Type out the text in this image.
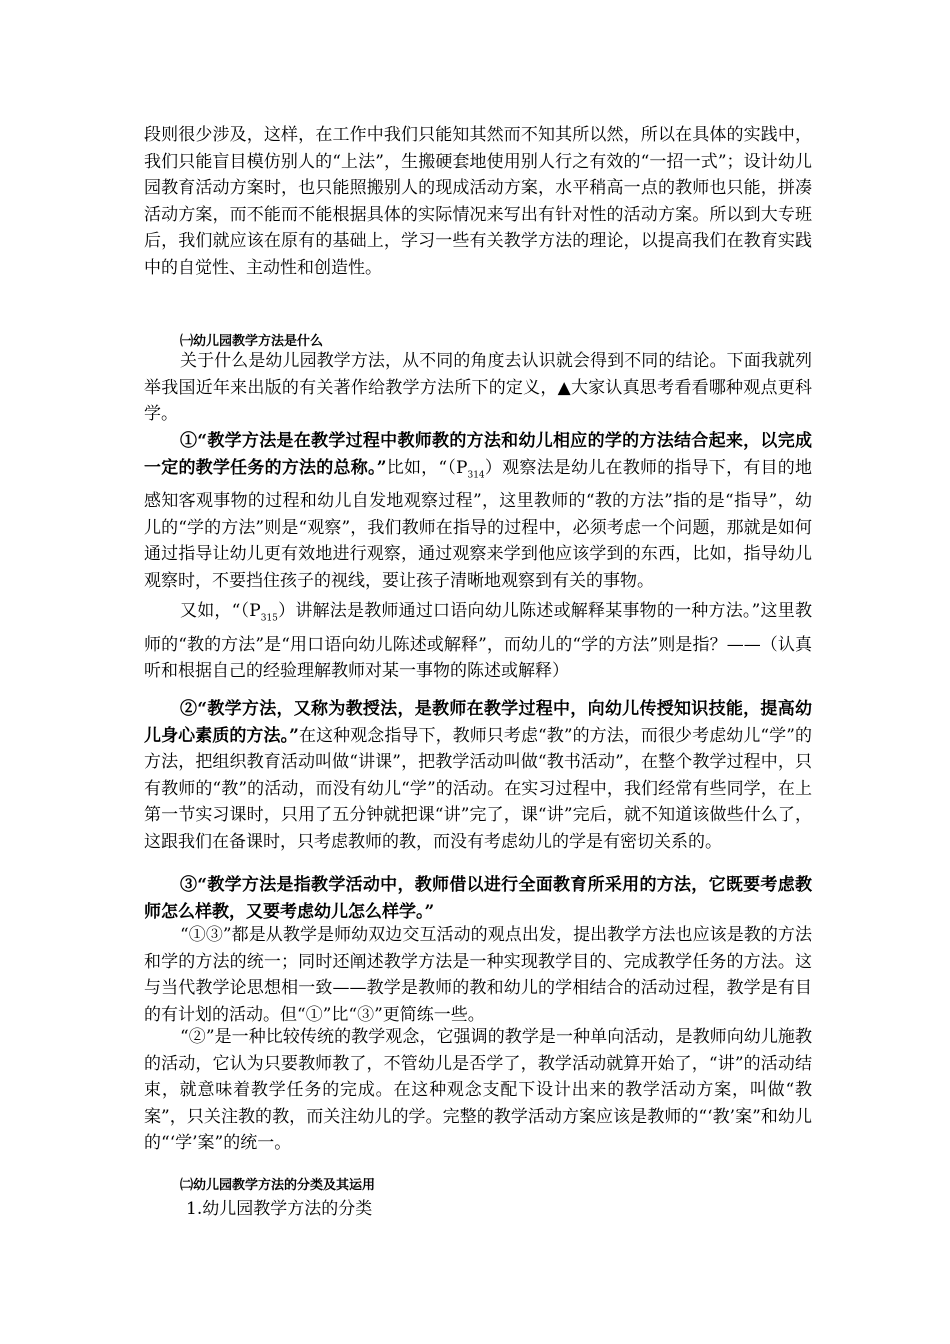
段则很少涉及，这样，在工作中我们只能知其然而不知其所以然，所以在具体的实践中，我们只能盲目模仿别人的“上法”，生搬硬套地使用别人行之有效的“一招一式”；设计幼儿园教育活动方案时，也只能照搬别人的现成活动方案，水平稍高一点的教师也只能，拼凑活动方案，而不能而不能根据具体的实际情况来写出有针对性的活动方案。所以到大专班后，我们就应该在原有的基础上，学习一些有关教学方法的理论，以提高我们在教育实践中的自觉性、主动性和创造性。

㈠幼儿园教学方法是什么

关于什么是幼儿园教学方法，从不同的角度去认识就会得到不同的结论。下面我就列举我国近年来出版的有关著作给教学方法所下的定义，▲大家认真思考看看哪种观点更科学。

①“教学方法是在教学过程中教师教的方法和幼儿相应的学的方法结合起来，以完成一定的教学任务的方法的总称。”比如，“$(P_{314})$观察法是幼儿在教师的指导下，有目的地感知客观事物的过程和幼儿自发地观察过程”，这里教师的“教的方法”指的是“指导”，幼儿的“学的方法”则是“观察”，我们教师在指导的过程中，必须考虑一个问题，那就是如何通过指导让幼儿更有效地进行观察，通过观察来学到他应该学到的东西，比如，指导幼儿观察时，不要挡住孩子的视线，要让孩子清晰地观察到有关的事物。

又如，“$(P_{315})$讲解法是教师通过口语向幼儿陈述或解释某事物的一种方法。”这里教师的“教的方法”是“用口语向幼儿陈述或解释”，而幼儿的“学的方法”则是指？——（认真听和根据自己的经验理解教师对某一事物的陈述或解释）

②“教学方法，又称为教授法，是教师在教学过程中，向幼儿传授知识技能，提高幼儿身心素质的方法。”在这种观念指导下，教师只考虑“教”的方法，而很少考虑幼儿“学”的方法，把组织教育活动叫做“讲课”，把教学活动叫做“教书活动”，在整个教学过程中，只有教师的“教”的活动，而没有幼儿“学”的活动。在实习过程中，我们经常有些同学，在上第一节实习课时，只用了五分钟就把课“讲”完了，课“讲”完后，就不知道该做些什么了，这跟我们在备课时，只考虑教师的教，而没有考虑幼儿的学是有密切关系的。

③“教学方法是指教学活动中，教师借以进行全面教育所采用的方法，它既要考虑教师怎么样教，又要考虑幼儿怎么样学。”

“①③”都是从教学是师幼双边交互活动的观点出发，提出教学方法也应该是教的方法和学的方法的统一；同时还阐述教学方法是一种实现教学目的、完成教学任务的方法。这与当代教学论思想相一致——教学是教师的教和幼儿的学相结合的活动过程，教学是有目的有计划的活动。但“①”比“③”更简练一些。

“②”是一种比较传统的教学观念，它强调的教学是一种单向活动，是教师向幼儿施教的活动，它认为只要教师教了，不管幼儿是否学了，教学活动就算开始了，“讲”的活动结束，就意味着教学任务的完成。在这种观念支配下设计出来的教学活动方案，叫做“教案”，只关注教的教，而关注幼儿的学。完整的教学活动方案应该是教师的“‘教’案”和幼儿的“‘学’案”的统一。

㈡幼儿园教学方法的分类及其运用

1.幼儿园教学方法的分类
